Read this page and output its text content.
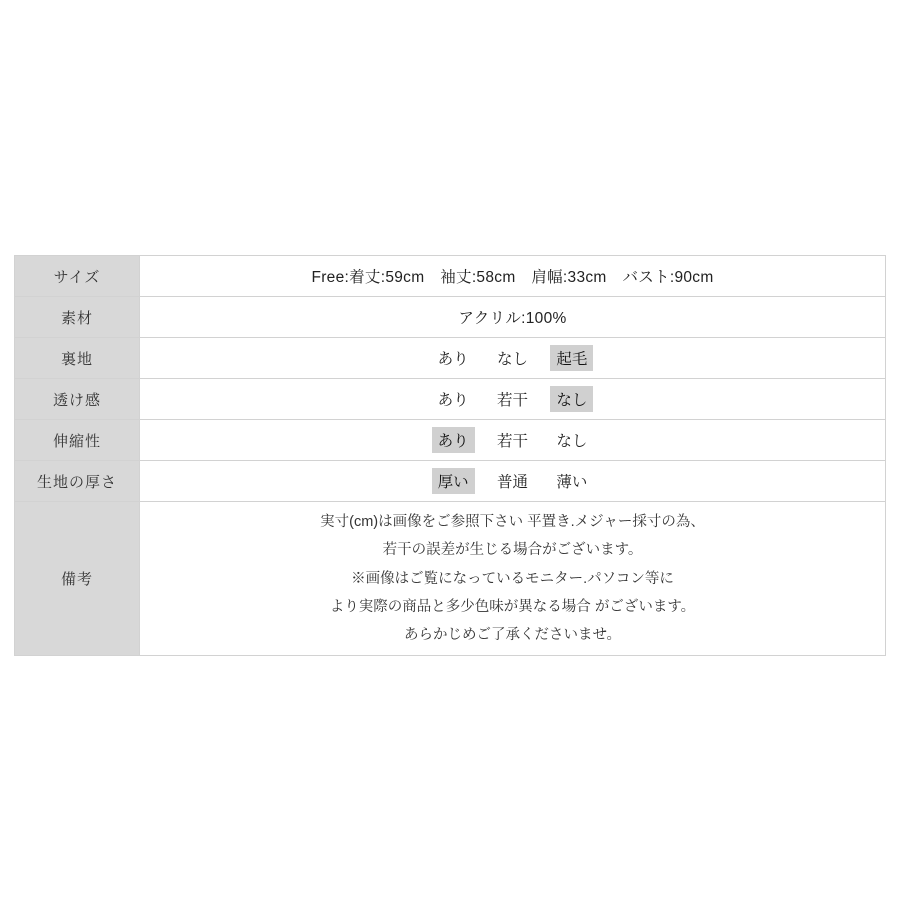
サイズ	Free:着丈:59cm　袖丈:58cm　肩幅:33cm　バスト:90cm
素材	アクリル:100%
裏地	あり なし 起毛
透け感	あり 若干 なし
伸縮性	あり 若干 なし
生地の厚さ	厚い 普通 薄い
備考	実寸(cm)は画像をご参照下さい 平置き.メジャー採寸の為、
若干の誤差が生じる場合がございます。
※画像はご覧になっているモニター.パソコン等に
より実際の商品と多少色味が異なる場合 がございます。
あらかじめご了承くださいませ。
